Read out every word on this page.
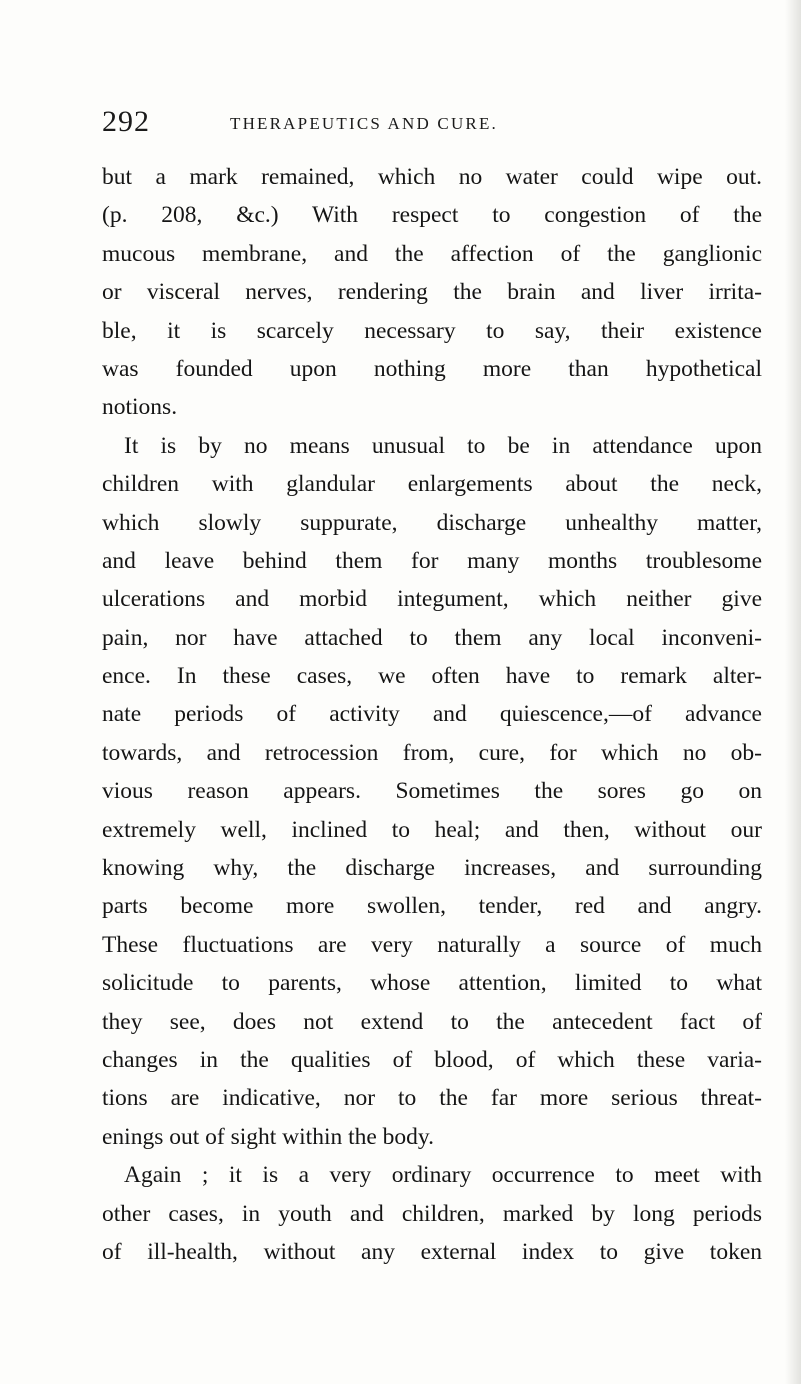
292	THERAPEUTICS AND CURE.
but a mark remained, which no water could wipe out.
(p. 208, &c.) With respect to congestion of the
mucous membrane, and the affection of the ganglionic
or visceral nerves, rendering the brain and liver irrita-
ble, it is scarcely necessary to say, their existence
was founded upon nothing more than hypothetical
notions.
It is by no means unusual to be in attendance upon
children with glandular enlargements about the neck,
which slowly suppurate, discharge unhealthy matter,
and leave behind them for many months troublesome
ulcerations and morbid integument, which neither give
pain, nor have attached to them any local inconveni-
ence. In these cases, we often have to remark alter-
nate periods of activity and quiescence,—of advance
towards, and retrocession from, cure, for which no ob-
vious reason appears. Sometimes the sores go on
extremely well, inclined to heal; and then, without our
knowing why, the discharge increases, and surrounding
parts become more swollen, tender, red and angry.
These fluctuations are very naturally a source of much
solicitude to parents, whose attention, limited to what
they see, does not extend to the antecedent fact of
changes in the qualities of blood, of which these varia-
tions are indicative, nor to the far more serious threat-
enings out of sight within the body.
Again ; it is a very ordinary occurrence to meet with
other cases, in youth and children, marked by long periods
of ill-health, without any external index to give token
